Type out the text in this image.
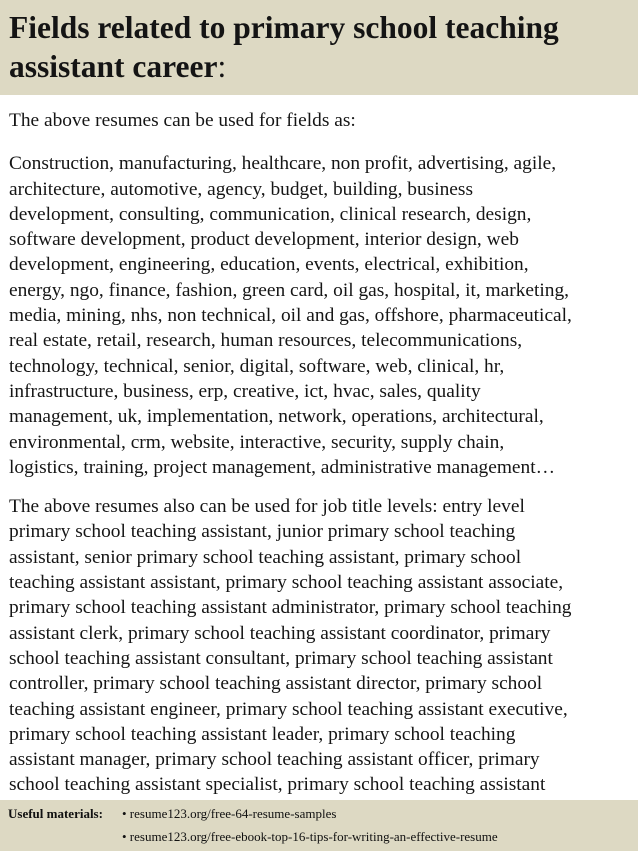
Fields related to primary school teaching
assistant career:

The above resumes can be used for fields as:

Construction, manufacturing, healthcare, non profit, advertising, agile,
architecture, automotive, agency, budget, building, business
development, consulting, communication, clinical research, design,
software development, product development, interior design, web
development, engineering, education, events, electrical, exhibition,
energy, ngo, finance, fashion, green card, oil gas, hospital, it, marketing,
media, mining, nhs, non technical, oil and gas, offshore, pharmaceutical,
real estate, retail, research, human resources, telecommunications,
technology, technical, senior, digital, software, web, clinical, hr,
infrastructure, business, erp, creative, ict, hvac, sales, quality
management, uk, implementation, network, operations, architectural,
environmental, crm, website, interactive, security, supply chain,
logistics, training, project management, administrative management…

The above resumes also can be used for job title levels: entry level
primary school teaching assistant, junior primary school teaching
assistant, senior primary school teaching assistant, primary school
teaching assistant assistant, primary school teaching assistant associate,
primary school teaching assistant administrator, primary school teaching
assistant clerk, primary school teaching assistant coordinator, primary
school teaching assistant consultant, primary school teaching assistant
controller, primary school teaching assistant director, primary school
teaching assistant engineer, primary school teaching assistant executive,
primary school teaching assistant leader, primary school teaching
assistant manager, primary school teaching assistant officer, primary
school teaching assistant specialist, primary school teaching assistant

Useful materials: • resume123.org/free-64-resume-samples
• resume123.org/free-ebook-top-16-tips-for-writing-an-effective-resume
